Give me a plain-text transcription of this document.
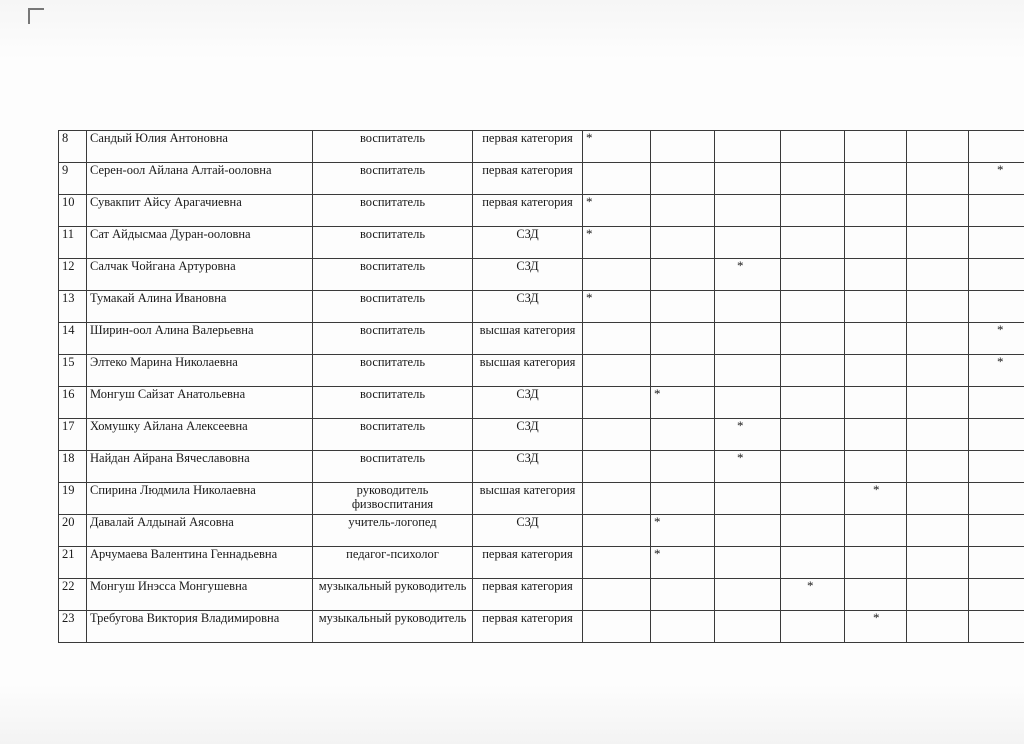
8	Сандый Юлия Антоновна	воспитатель	первая категория	*						
9	Серен-оол Айлана Алтай-ооловна	воспитатель	первая категория							*
10	Сувакпит Айсу Арагачиевна	воспитатель	первая категория	*						
11	Сат Айдысмаа Дуран-ооловна	воспитатель	СЗД	*						
12	Салчак Чойгана Артуровна	воспитатель	СЗД			*				
13	Тумакай Алина Ивановна	воспитатель	СЗД	*						
14	Ширин-оол Алина Валерьевна	воспитатель	высшая категория							*
15	Элтеко Марина Николаевна	воспитатель	высшая категория							*
16	Монгуш Сайзат Анатольевна	воспитатель	СЗД		*					
17	Хомушку Айлана Алексеевна	воспитатель	СЗД			*				
18	Найдан Айрана Вячеславовна	воспитатель	СЗД			*				
19	Спирина Людмила Николаевна	руководитель физвоспитания	высшая категория					*		
20	Давалай Алдынай Аясовна	учитель-логопед	СЗД		*					
21	Арчумаева Валентина Геннадьевна	педагог-психолог	первая категория		*					
22	Монгуш Инэсса Монгушевна	музыкальный руководитель	первая категория				*			
23	Требугова Виктория Владимировна	музыкальный руководитель	первая категория					*		
